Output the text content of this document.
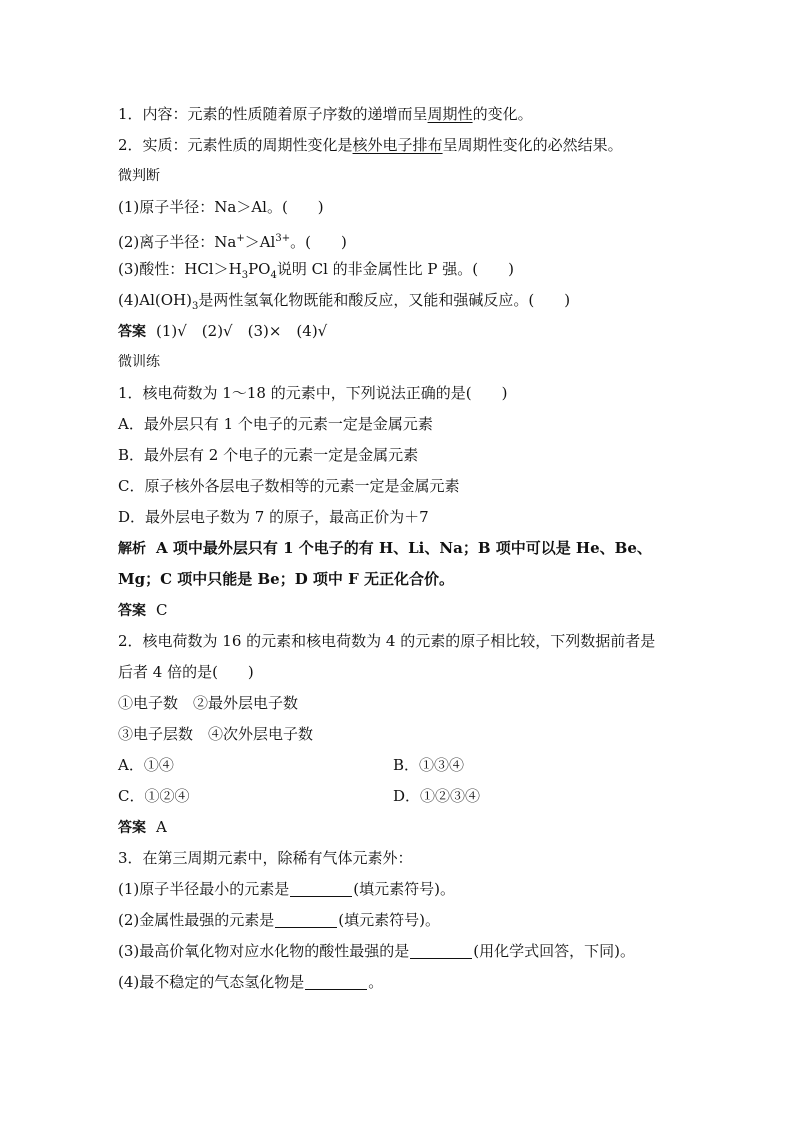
1．内容：元素的性质随着原子序数的递增而呈周期性的变化。
2．实质：元素性质的周期性变化是核外电子排布呈周期性变化的必然结果。
微判断
(1)原子半径：Na＞Al。(　　)
(2)离子半径：$Na^+>Al^{3+}$。(　　)
(3)酸性：$HCl>H_3PO_4$说明 Cl 的非金属性比 P 强。(　　)
$(4)Al(OH)_3$是两性氢氧化物既能和酸反应，又能和强碱反应。(　　)
答案 (1)√　(2)√　(3)×　(4)√
微训练
1．核电荷数为 1～18 的元素中，下列说法正确的是(　　)
A．最外层只有 1 个电子的元素一定是金属元素
B．最外层有 2 个电子的元素一定是金属元素
C．原子核外各层电子数相等的元素一定是金属元素
D．最外层电子数为 7 的原子，最高正价为＋7
解析 A 项中最外层只有 1 个电子的有 H、Li、Na；B 项中可以是 He、Be、
Mg；C 项中只能是 Be；D 项中 F 无正化合价。
答案 C
2．核电荷数为 16 的元素和核电荷数为 4 的元素的原子相比较，下列数据前者是
后者 4 倍的是(　　)
①电子数　②最外层电子数
③电子层数　④次外层电子数
A．①④	B．①③④
C．①②④	D．①②③④
答案 A
3．在第三周期元素中，除稀有气体元素外：
(1)原子半径最小的元素是	(填元素符号)。
(2)金属性最强的元素是	(填元素符号)。
(3)最高价氧化物对应水化物的酸性最强的是	(用化学式回答，下同)。
(4)最不稳定的气态氢化物是	。
